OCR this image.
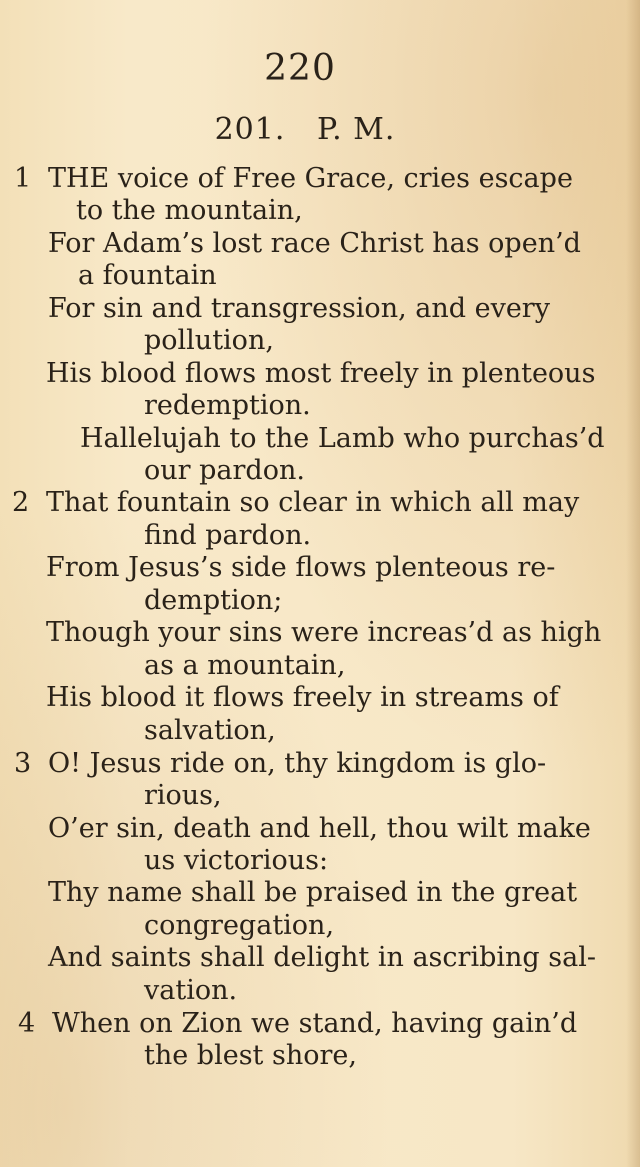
220
201. P. M.
1 THE voice of Free Grace, cries escape
to the mountain,
For Adam’s lost race Christ has open’d
a fountain
For sin and transgression, and every
pollution,
His blood flows most freely in plenteous
redemption.
Hallelujah to the Lamb who purchas’d
our pardon.
2 That fountain so clear in which all may
find pardon.
From Jesus’s side flows plenteous re-
demption;
Though your sins were increas’d as high
as a mountain,
His blood it flows freely in streams of
salvation,
3 O! Jesus ride on, thy kingdom is glo-
rious,
O’er sin, death and hell, thou wilt make
us victorious:
Thy name shall be praised in the great
congregation,
And saints shall delight in ascribing sal-
vation.
4 When on Zion we stand, having gain’d
the blest shore,
